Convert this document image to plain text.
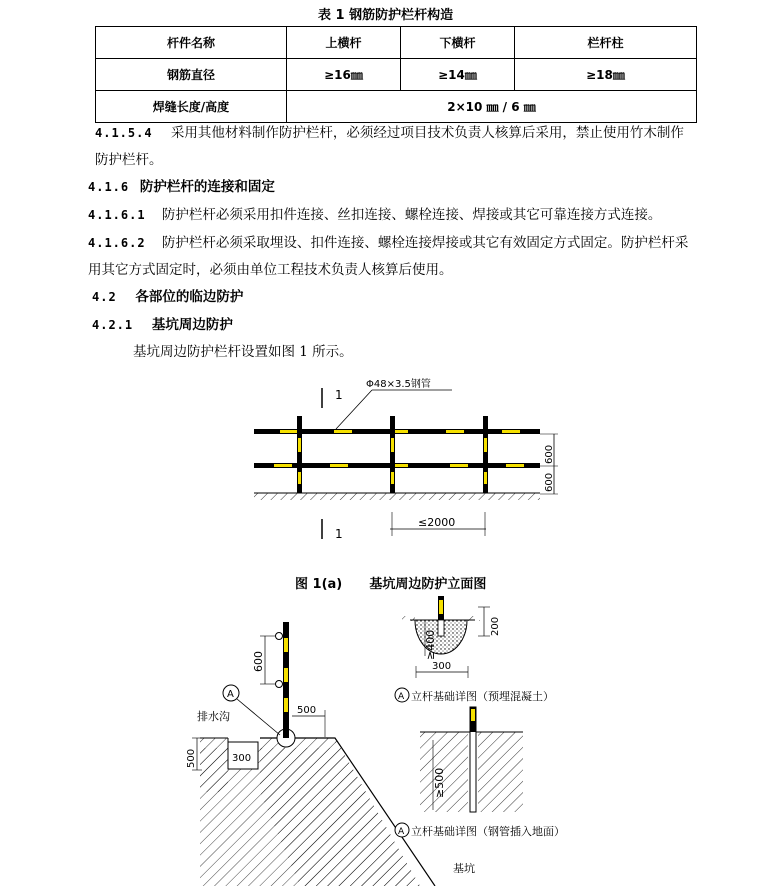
表 1 钢筋防护栏杆构造
杆件名称	上横杆	下横杆	栏杆柱
钢筋直径	≥16㎜	≥14㎜	≥18㎜
焊缝长度/高度	2×10 ㎜ / 6 ㎜		
4.1.5.4 采用其他材料制作防护栏杆，必须经过项目技术负责人核算后采用，禁止使用竹木制作
防护栏杆。
4.1.6 防护栏杆的连接和固定
4.1.6.1 防护栏杆必须采用扣件连接、丝扣连接、螺栓连接、焊接或其它可靠连接方式连接。
4.1.6.2 防护栏杆必须采取埋设、扣件连接、螺栓连接焊接或其它有效固定方式固定。防护栏杆采
用其它方式固定时，必须由单位工程技术负责人核算后使用。
4.2 各部位的临边防护
4.2.1 基坑周边防护
基坑周边防护栏杆设置如图 1 所示。
1
1
Φ48×3.5钢管
600
600
≤2000
图 1(a)      基坑周边防护立面图
300
排水沟
500
600
A
500
基坑
≥400
200
300
A 立杆基础详图（预埋混凝土）
≥500
A 立杆基础详图（钢管插入地面）
